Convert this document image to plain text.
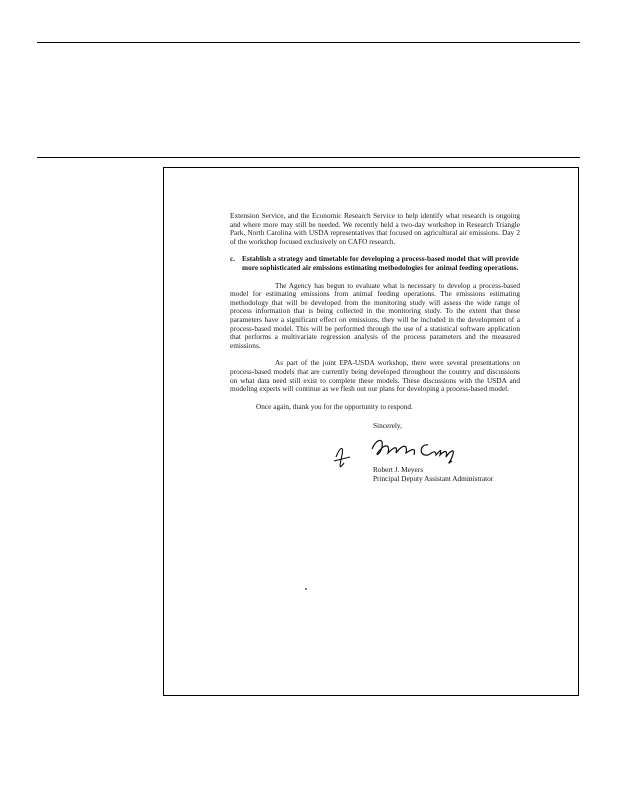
Extension Service, and the Economic Research Service to help identify what research is ongoing and where more may still be needed. We recently held a two-day workshop in Research Triangle Park, North Carolina with USDA representatives that focused on agricultural air emissions. Day 2 of the workshop focused exclusively on CAFO research.

c. Establish a strategy and timetable for developing a process-based model that will provide more sophisticated air emissions estimating methodologies for animal feeding operations.

The Agency has begun to evaluate what is necessary to develop a process-based model for estimating emissions from animal feeding operations. The emissions estimating methodology that will be developed from the monitoring study will assess the wide range of process information that is being collected in the monitoring study. To the extent that these parameters have a significant effect on emissions, they will be included in the development of a process-based model. This will be performed through the use of a statistical software application that performs a multivariate regression analysis of the process parameters and the measured emissions.

As part of the joint EPA-USDA workshop, there were several presentations on process-based models that are currently being developed throughout the country and discussions on what data need still exist to complete these models. These discussions with the USDA and modeling experts will continue as we flesh out our plans for developing a process-based model.

Once again, thank you for the opportunity to respond.

Sincerely,
Robert J. Meyers
Principal Deputy Assistant Administrator
